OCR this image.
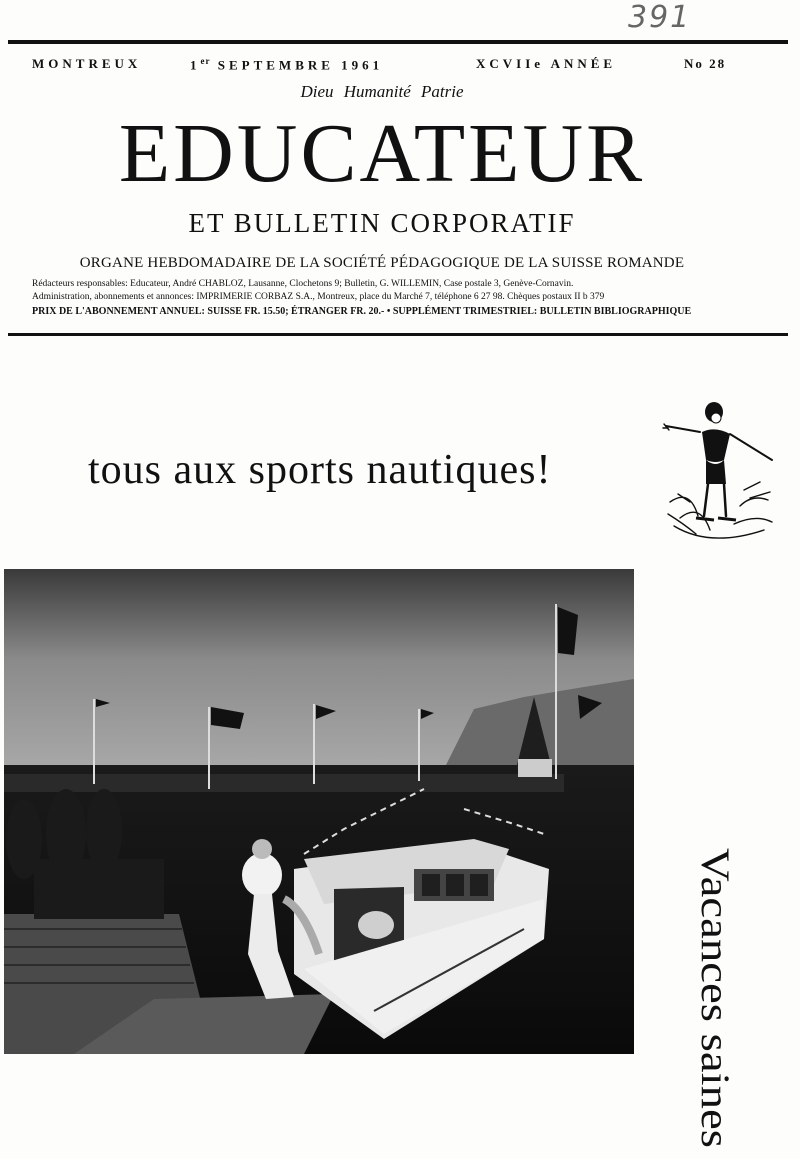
391
MONTREUX	1er SEPTEMBRE 1961	XCVIIe ANNÉE	No 28
Dieu Humanité Patrie
EDUCATEUR
ET BULLETIN CORPORATIF
ORGANE HEBDOMADAIRE DE LA SOCIÉTÉ PÉDAGOGIQUE DE LA SUISSE ROMANDE
Rédacteurs responsables: Educateur, André CHABLOZ, Lausanne, Clochetons 9; Bulletin, G. WILLEMIN, Case postale 3, Genève-Cornavin.
Administration, abonnements et annonces: IMPRIMERIE CORBAZ S.A., Montreux, place du Marché 7, téléphone 6 27 98. Chèques postaux II b 379
PRIX DE L'ABONNEMENT ANNUEL: SUISSE FR. 15.50; ÉTRANGER FR. 20.- • SUPPLÉMENT TRIMESTRIEL: BULLETIN BIBLIOGRAPHIQUE
tous aux sports nautiques!
Vacances saines
